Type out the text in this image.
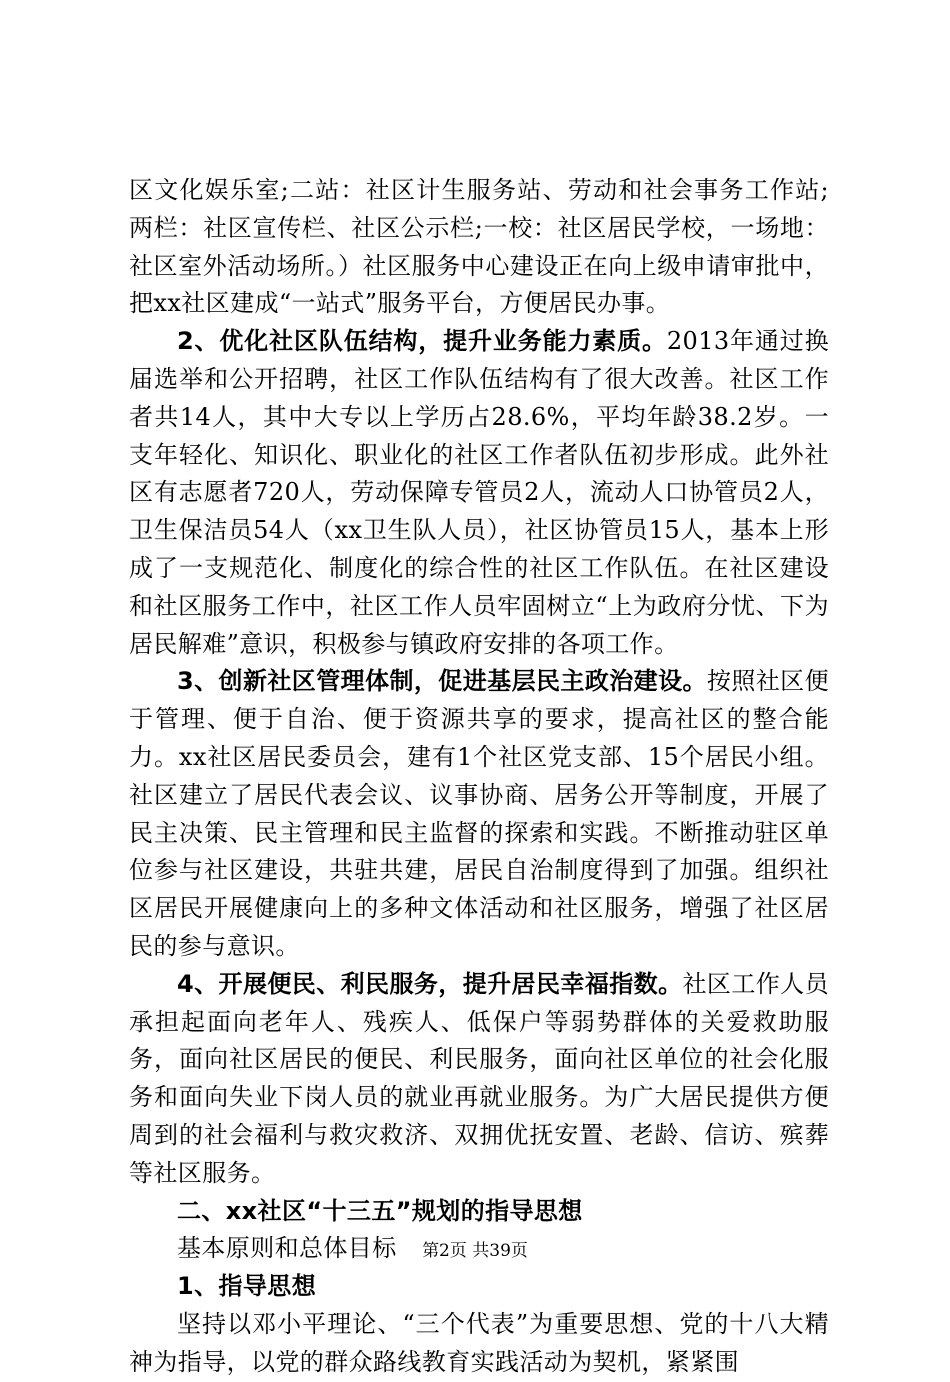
区文化娱乐室;二站：社区计生服务站、劳动和社会事务工作站;两栏：社区宣传栏、社区公示栏;一校：社区居民学校，一场地：社区室外活动场所。）社区服务中心建设正在向上级申请审批中，把xx社区建成“一站式”服务平台，方便居民办事。

2、优化社区队伍结构，提升业务能力素质。2013年通过换届选举和公开招聘，社区工作队伍结构有了很大改善。社区工作者共14人，其中大专以上学历占28.6%，平均年龄38.2岁。一支年轻化、知识化、职业化的社区工作者队伍初步形成。此外社区有志愿者720人，劳动保障专管员2人，流动人口协管员2人，卫生保洁员54人（xx卫生队人员），社区协管员15人，基本上形成了一支规范化、制度化的综合性的社区工作队伍。在社区建设和社区服务工作中，社区工作人员牢固树立“上为政府分忧、下为居民解难”意识，积极参与镇政府安排的各项工作。

3、创新社区管理体制，促进基层民主政治建设。按照社区便于管理、便于自治、便于资源共享的要求，提高社区的整合能力。xx社区居民委员会，建有1个社区党支部、15个居民小组。社区建立了居民代表会议、议事协商、居务公开等制度，开展了民主决策、民主管理和民主监督的探索和实践。不断推动驻区单位参与社区建设，共驻共建，居民自治制度得到了加强。组织社区居民开展健康向上的多种文体活动和社区服务，增强了社区居民的参与意识。

4、开展便民、利民服务，提升居民幸福指数。社区工作人员承担起面向老年人、残疾人、低保户等弱势群体的关爱救助服务，面向社区居民的便民、利民服务，面向社区单位的社会化服务和面向失业下岗人员的就业再就业服务。为广大居民提供方便周到的社会福利与救灾救济、双拥优抚安置、老龄、信访、殡葬等社区服务。

二、xx社区“十三五”规划的指导思想

基本原则和总体目标

1、指导思想

坚持以邓小平理论、“三个代表”为重要思想、党的十八大精神为指导，以党的群众路线教育实践活动为契机，紧紧围

第2页 共39页
